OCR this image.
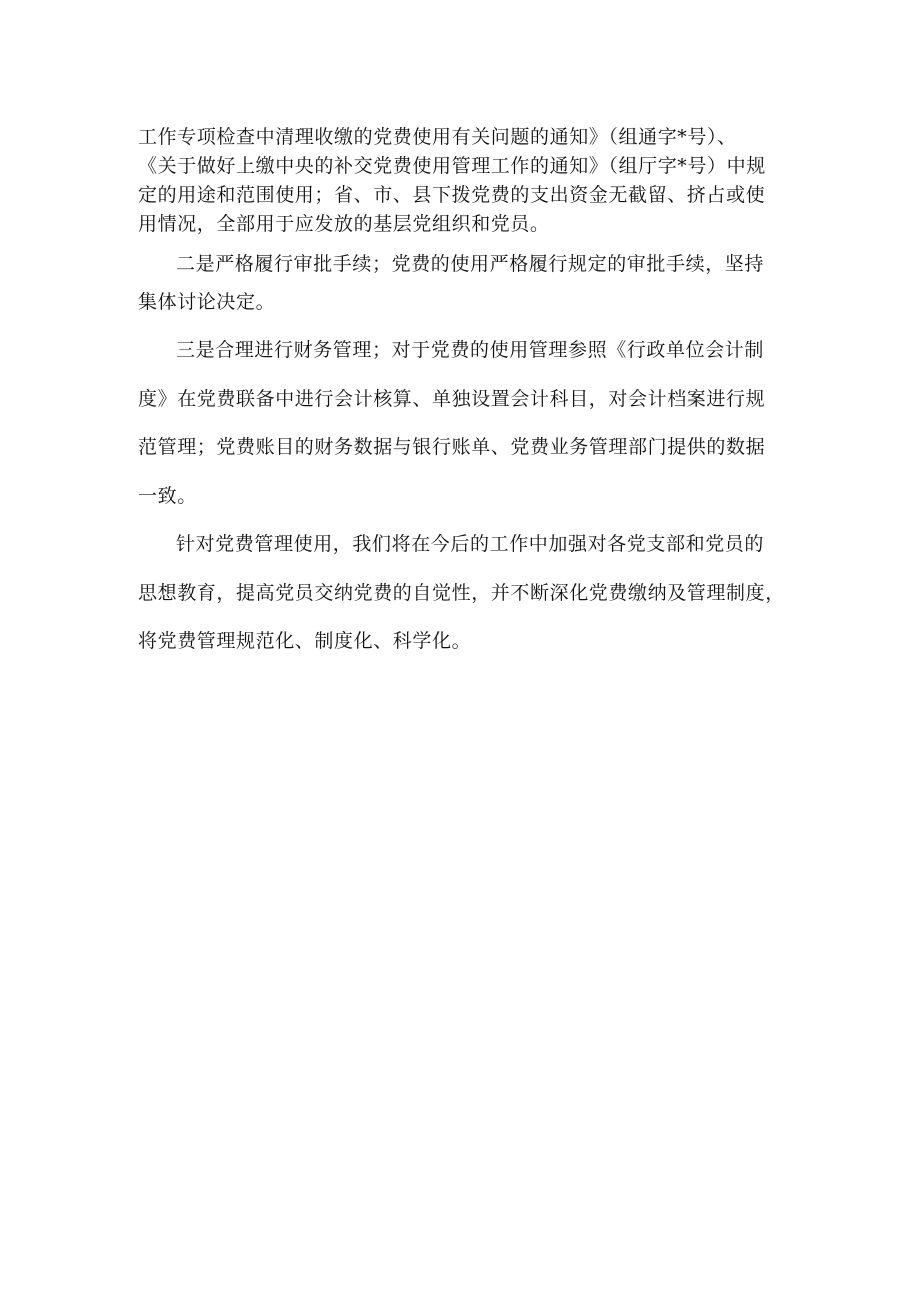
工作专项检查中清理收缴的党费使用有关问题的通知》（组通字*号）、
《关于做好上缴中央的补交党费使用管理工作的通知》（组厅字*号）中规
定的用途和范围使用；省、市、县下拨党费的支出资金无截留、挤占或使
用情况，全部用于应发放的基层党组织和党员。
二是严格履行审批手续；党费的使用严格履行规定的审批手续，坚持
集体讨论决定。
三是合理进行财务管理；对于党费的使用管理参照《行政单位会计制
度》在党费联备中进行会计核算、单独设置会计科目，对会计档案进行规
范管理；党费账目的财务数据与银行账单、党费业务管理部门提供的数据
一致。
针对党费管理使用，我们将在今后的工作中加强对各党支部和党员的
思想教育，提高党员交纳党费的自觉性，并不断深化党费缴纳及管理制度，
将党费管理规范化、制度化、科学化。
